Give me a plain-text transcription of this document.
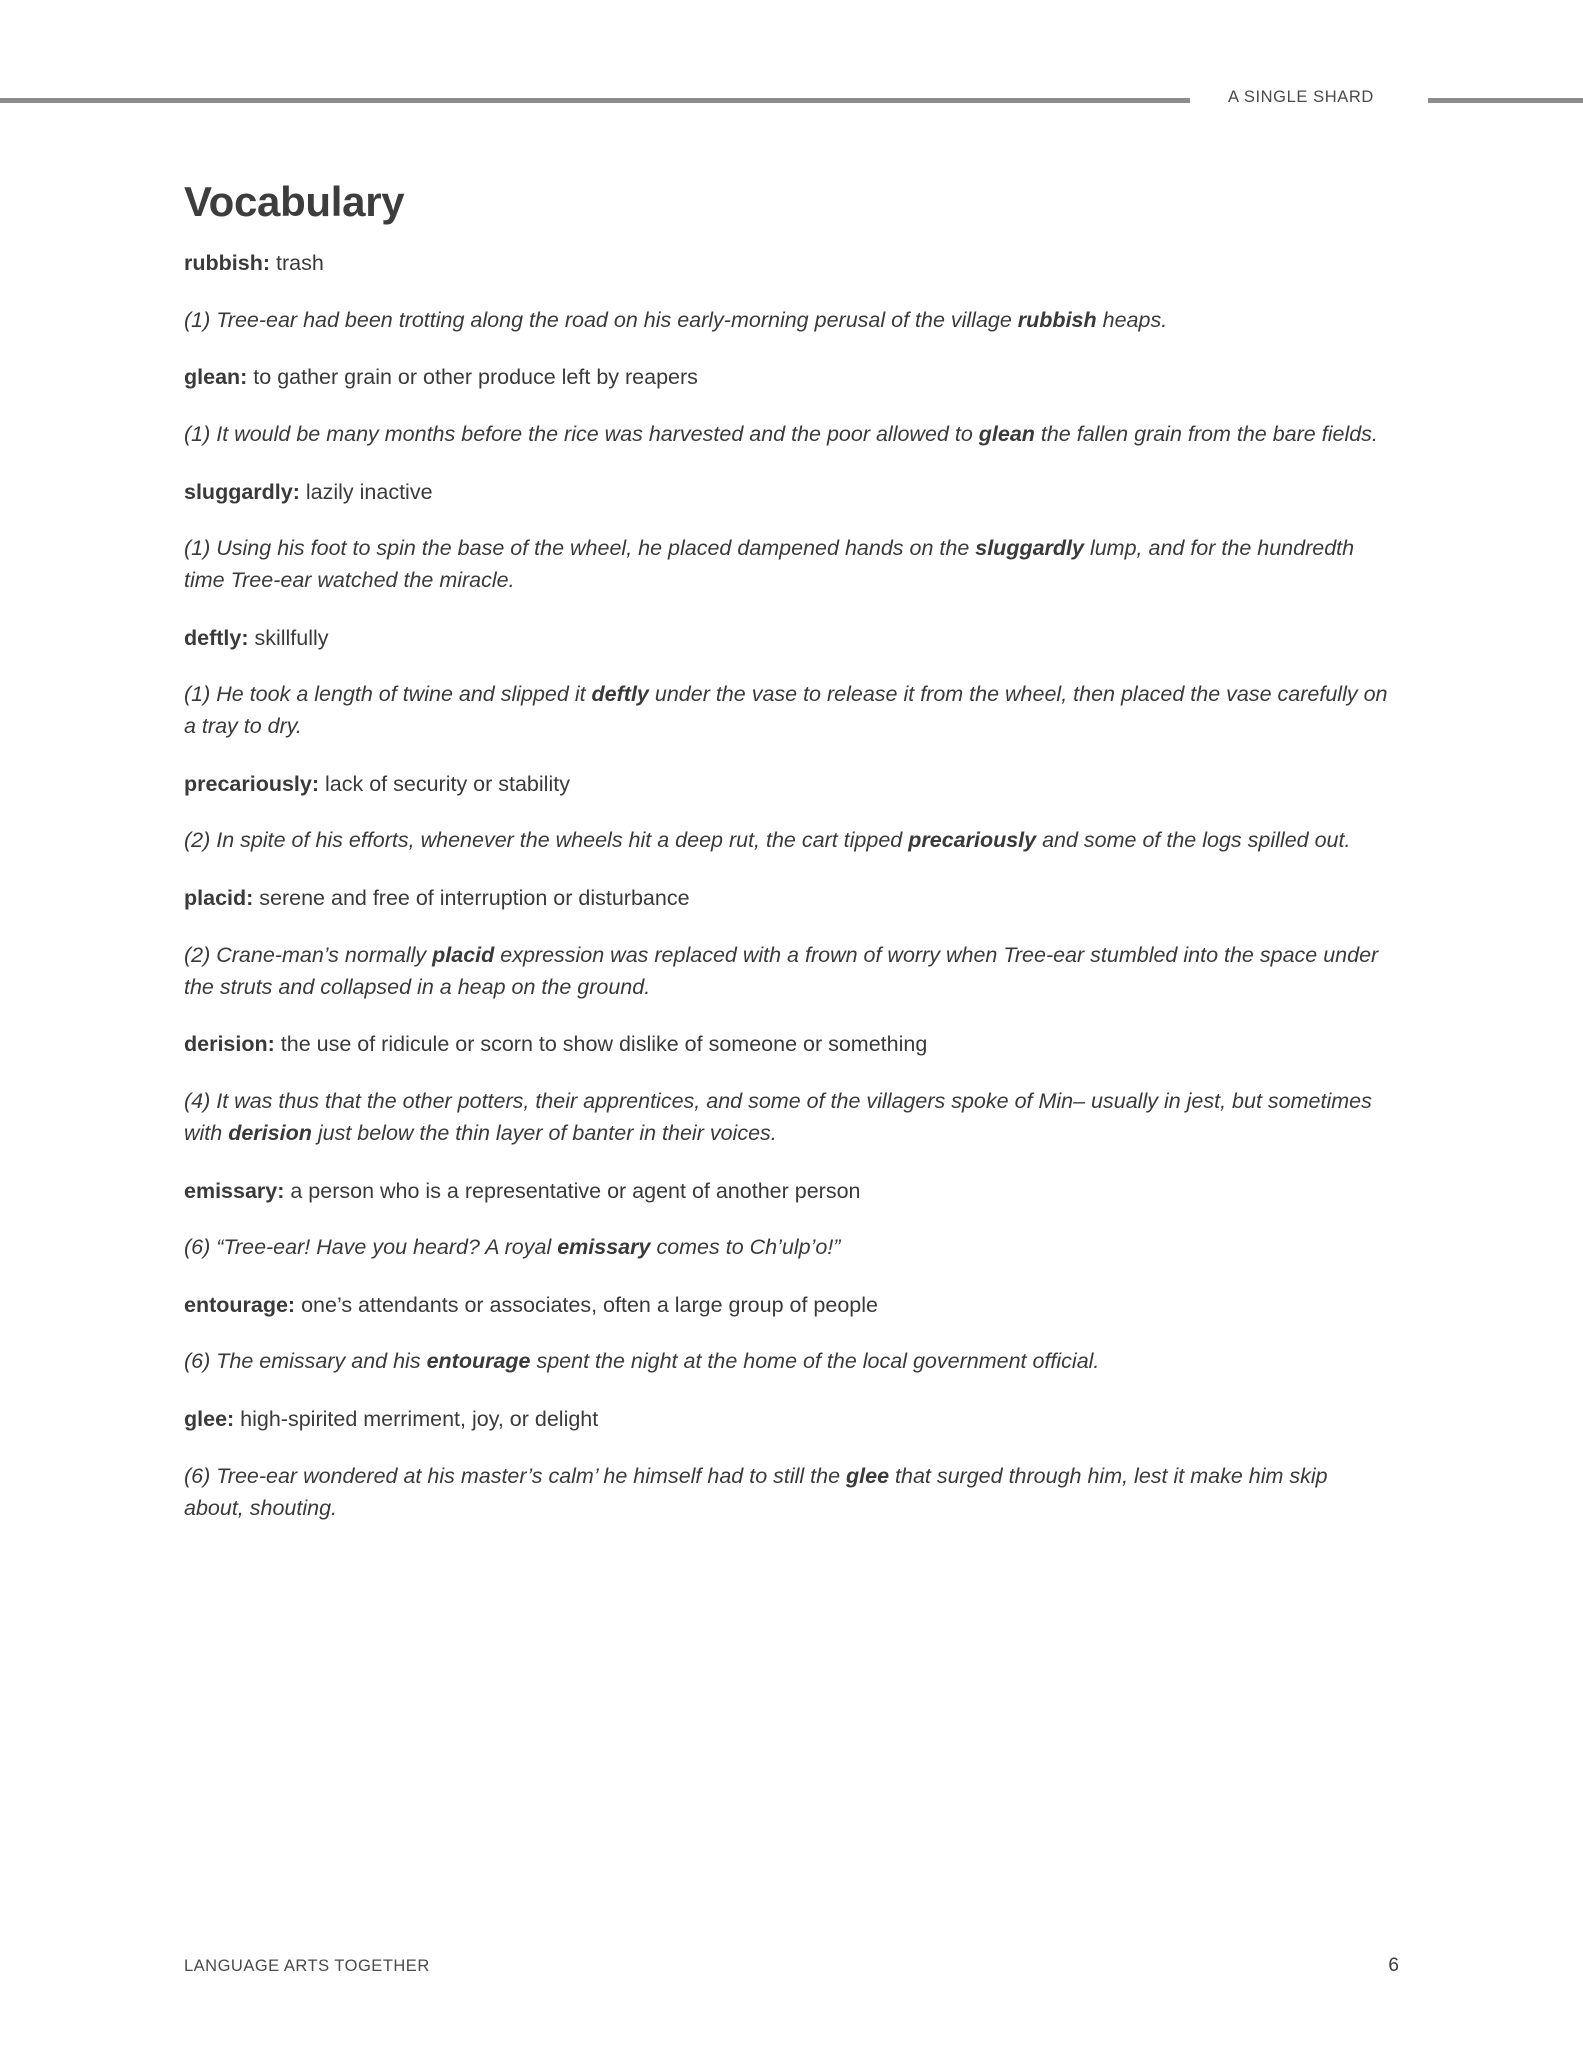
A SINGLE SHARD
Vocabulary

rubbish: trash

(1) Tree-ear had been trotting along the road on his early-morning perusal of the village rubbish heaps.

glean: to gather grain or other produce left by reapers

(1) It would be many months before the rice was harvested and the poor allowed to glean the fallen grain from the bare fields.

sluggardly: lazily inactive

(1) Using his foot to spin the base of the wheel, he placed dampened hands on the sluggardly lump, and for the hundredth time Tree-ear watched the miracle.

deftly: skillfully

(1) He took a length of twine and slipped it deftly under the vase to release it from the wheel, then placed the vase carefully on a tray to dry.

precariously: lack of security or stability

(2) In spite of his efforts, whenever the wheels hit a deep rut, the cart tipped precariously and some of the logs spilled out.

placid: serene and free of interruption or disturbance

(2) Crane-man’s normally placid expression was replaced with a frown of worry when Tree-ear stumbled into the space under the struts and collapsed in a heap on the ground.

derision: the use of ridicule or scorn to show dislike of someone or something

(4) It was thus that the other potters, their apprentices, and some of the villagers spoke of Min– usually in jest, but sometimes with derision just below the thin layer of banter in their voices.

emissary: a person who is a representative or agent of another person

(6) “Tree-ear! Have you heard? A royal emissary comes to Ch’ulp’o!”

entourage: one’s attendants or associates, often a large group of people

(6) The emissary and his entourage spent the night at the home of the local government official.

glee: high-spirited merriment, joy, or delight

(6) Tree-ear wondered at his master’s calm’ he himself had to still the glee that surged through him, lest it make him skip about, shouting.

LANGUAGE ARTS TOGETHER	6
